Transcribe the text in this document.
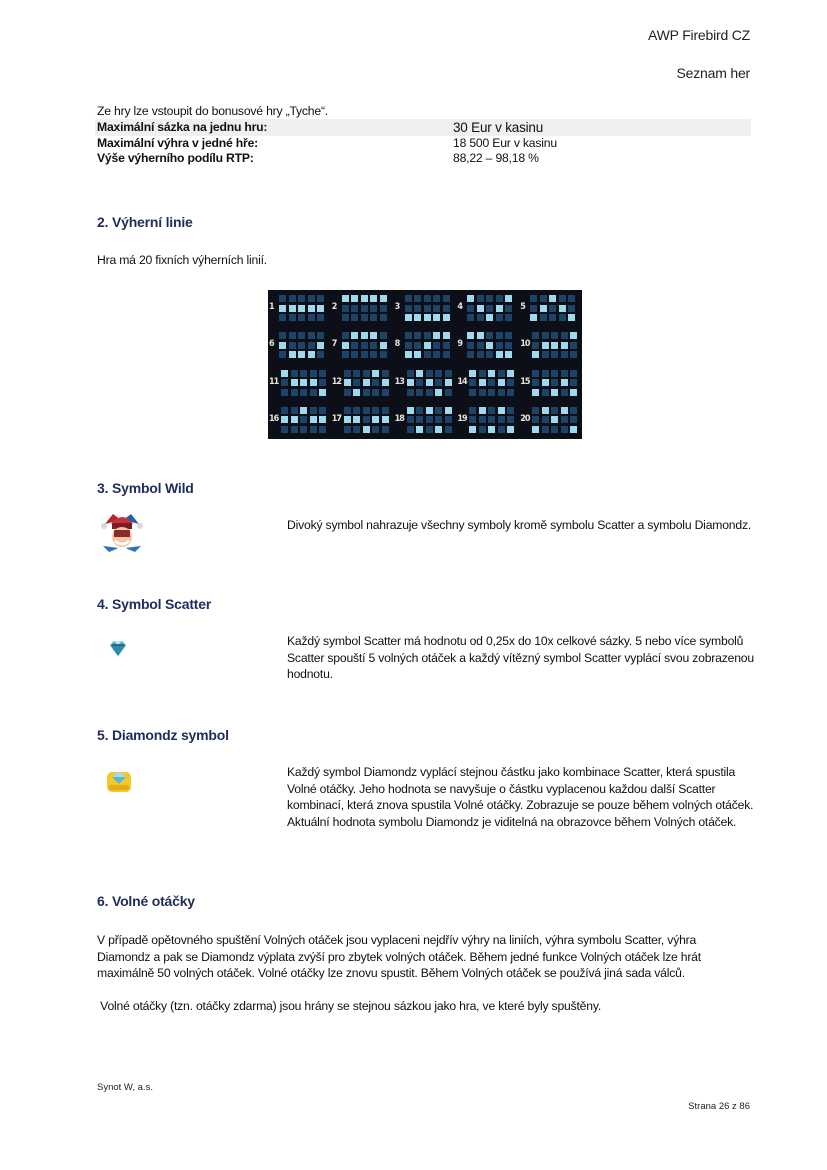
AWP Firebird CZ
Seznam her
Ze hry lze vstoupit do bonusové hry „Tyche“.
Maximální sázka na jednu hru:	30 Eur v kasinu
Maximální výhra v jedné hře:	18 500 Eur v kasinu
Výše výherního podílu RTP:	88,22 – 98,18 %
2. Výherní linie
Hra má 20 fixních výherních linií.
1	2	3	4	5
6	7	8	9	10
11	12	13	14	15
16	17	18	19	20
3. Symbol Wild
Divoký symbol nahrazuje všechny symboly kromě symbolu Scatter a symbolu Diamondz.
4. Symbol Scatter
Každý symbol Scatter má hodnotu od 0,25x do 10x celkové sázky. 5 nebo více symbolů Scatter spouští 5 volných otáček a každý vítězný symbol Scatter vyplácí svou zobrazenou hodnotu.
5. Diamondz symbol
Každý symbol Diamondz vyplácí stejnou částku jako kombinace Scatter, která spustila Volné otáčky. Jeho hodnota se navyšuje o částku vyplacenou každou další Scatter kombinací, která znova spustila Volné otáčky. Zobrazuje se pouze během volných otáček. Aktuální hodnota symbolu Diamondz je viditelná na obrazovce během Volných otáček.
6. Volné otáčky
V případě opětovného spuštění Volných otáček jsou vyplaceni nejdřív výhry na liniích, výhra symbolu Scatter, výhra Diamondz a pak se Diamondz výplata zvýší pro zbytek volných otáček. Během jedné funkce Volných otáček lze hrát maximálně 50 volných otáček. Volné otáčky lze znovu spustit. Během Volných otáček se používá jiná sada válců.
Volné otáčky (tzn. otáčky zdarma) jsou hrány se stejnou sázkou jako hra, ve které byly spuštěny.
Synot W, a.s.
Strana 26 z 86
